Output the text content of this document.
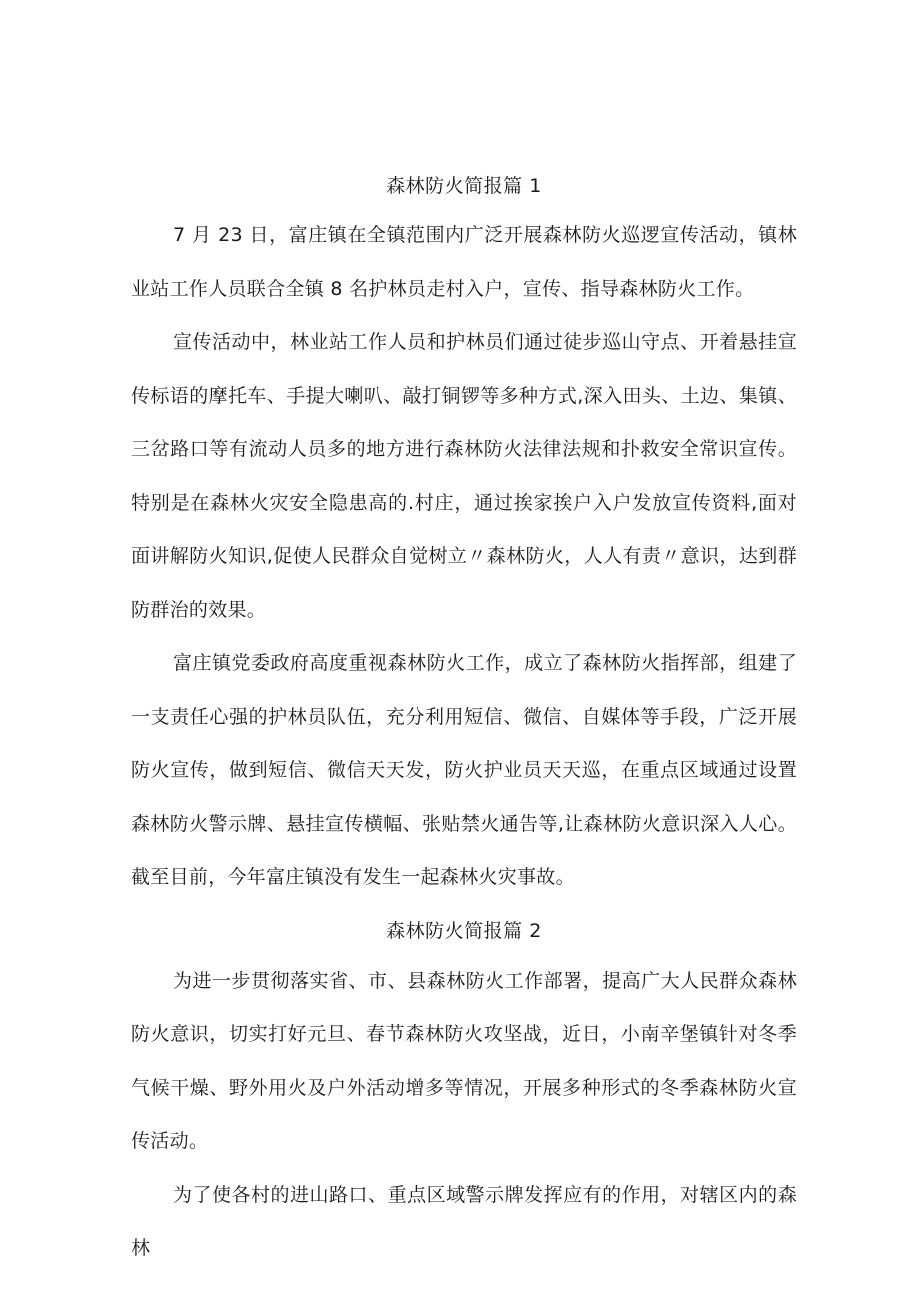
森林防火简报篇 1

7 月 23 日，富庄镇在全镇范围内广泛开展森林防火巡逻宣传活动，镇林业站工作人员联合全镇 8 名护林员走村入户，宣传、指导森林防火工作。

宣传活动中，林业站工作人员和护林员们通过徒步巡山守点、开着悬挂宣传标语的摩托车、手提大喇叭、敲打铜锣等多种方式,深入田头、土边、集镇、三岔路口等有流动人员多的地方进行森林防火法律法规和扑救安全常识宣传。特别是在森林火灾安全隐患高的.村庄，通过挨家挨户入户发放宣传资料,面对面讲解防火知识,促使人民群众自觉树立〃森林防火，人人有责〃意识，达到群防群治的效果。

富庄镇党委政府高度重视森林防火工作，成立了森林防火指挥部，组建了一支责任心强的护林员队伍，充分利用短信、微信、自媒体等手段，广泛开展防火宣传，做到短信、微信天天发，防火护业员天天巡，在重点区域通过设置森林防火警示牌、悬挂宣传横幅、张贴禁火通告等,让森林防火意识深入人心。截至目前，今年富庄镇没有发生一起森林火灾事故。

森林防火简报篇 2

为进一步贯彻落实省、市、县森林防火工作部署，提高广大人民群众森林防火意识，切实打好元旦、春节森林防火攻坚战，近日，小南辛堡镇针对冬季气候干燥、野外用火及户外活动增多等情况，开展多种形式的冬季森林防火宣传活动。

为了使各村的进山路口、重点区域警示牌发挥应有的作用，对辖区内的森林
